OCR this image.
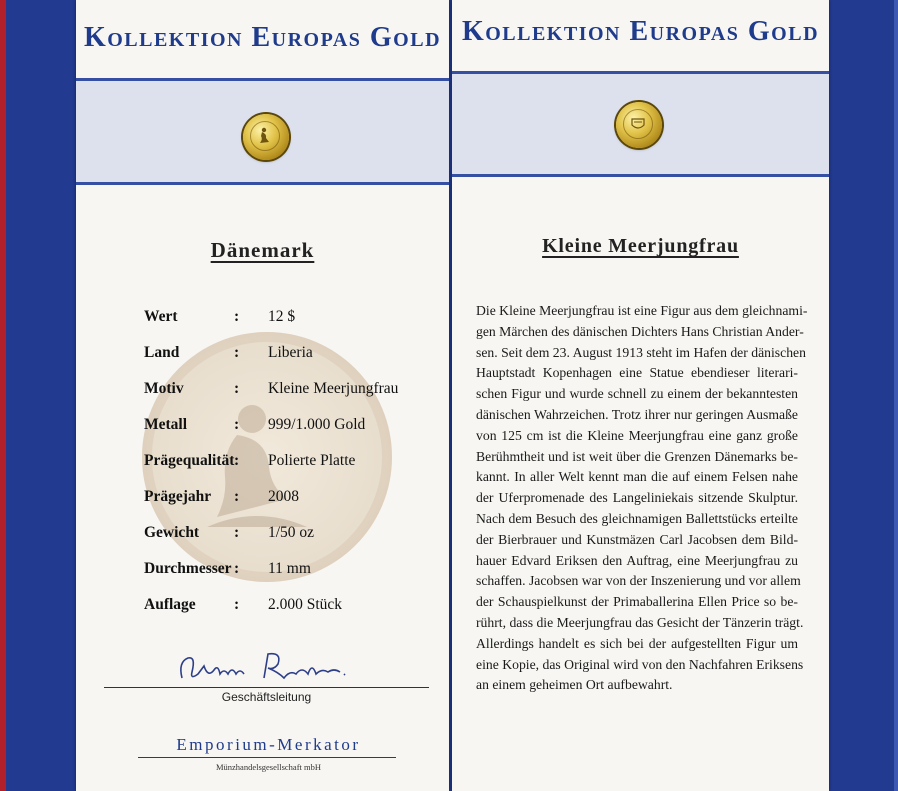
Kollektion Europas Gold
Dänemark
Wert	: 12 $
Land	: Liberia
Motiv	: Kleine Meerjungfrau
Metall	: 999/1.000 Gold
Prägequalität : Polierte Platte
Prägejahr : 2008
Gewicht : 1/50 oz
Durchmesser : 11 mm
Auflage : 2.000 Stück
Geschäftsleitung
Emporium-Merkator
Münzhandelsgesellschaft mbH
Kollektion Europas Gold
Kleine Meerjungfrau
Die Kleine Meerjungfrau ist eine Figur aus dem gleichnami-
gen Märchen des dänischen Dichters Hans Christian Ander-
sen. Seit dem 23. August 1913 steht im Hafen der dänischen
Hauptstadt Kopenhagen eine Statue ebendieser literari-
schen Figur und wurde schnell zu einem der bekanntesten
dänischen Wahrzeichen. Trotz ihrer nur geringen Ausmaße
von 125 cm ist die Kleine Meerjungfrau eine ganz große
Berühmtheit und ist weit über die Grenzen Dänemarks be-
kannt. In aller Welt kennt man die auf einem Felsen nahe
der Uferpromenade des Langeliniekais sitzende Skulptur.
Nach dem Besuch des gleichnamigen Ballettstücks erteilte
der Bierbrauer und Kunstmäzen Carl Jacobsen dem Bild-
hauer Edvard Eriksen den Auftrag, eine Meerjungfrau zu
schaffen. Jacobsen war von der Inszenierung und vor allem
der Schauspielkunst der Primaballerina Ellen Price so be-
rührt, dass die Meerjungfrau das Gesicht der Tänzerin trägt.
Allerdings handelt es sich bei der aufgestellten Figur um
eine Kopie, das Original wird von den Nachfahren Eriksens
an einem geheimen Ort aufbewahrt.
